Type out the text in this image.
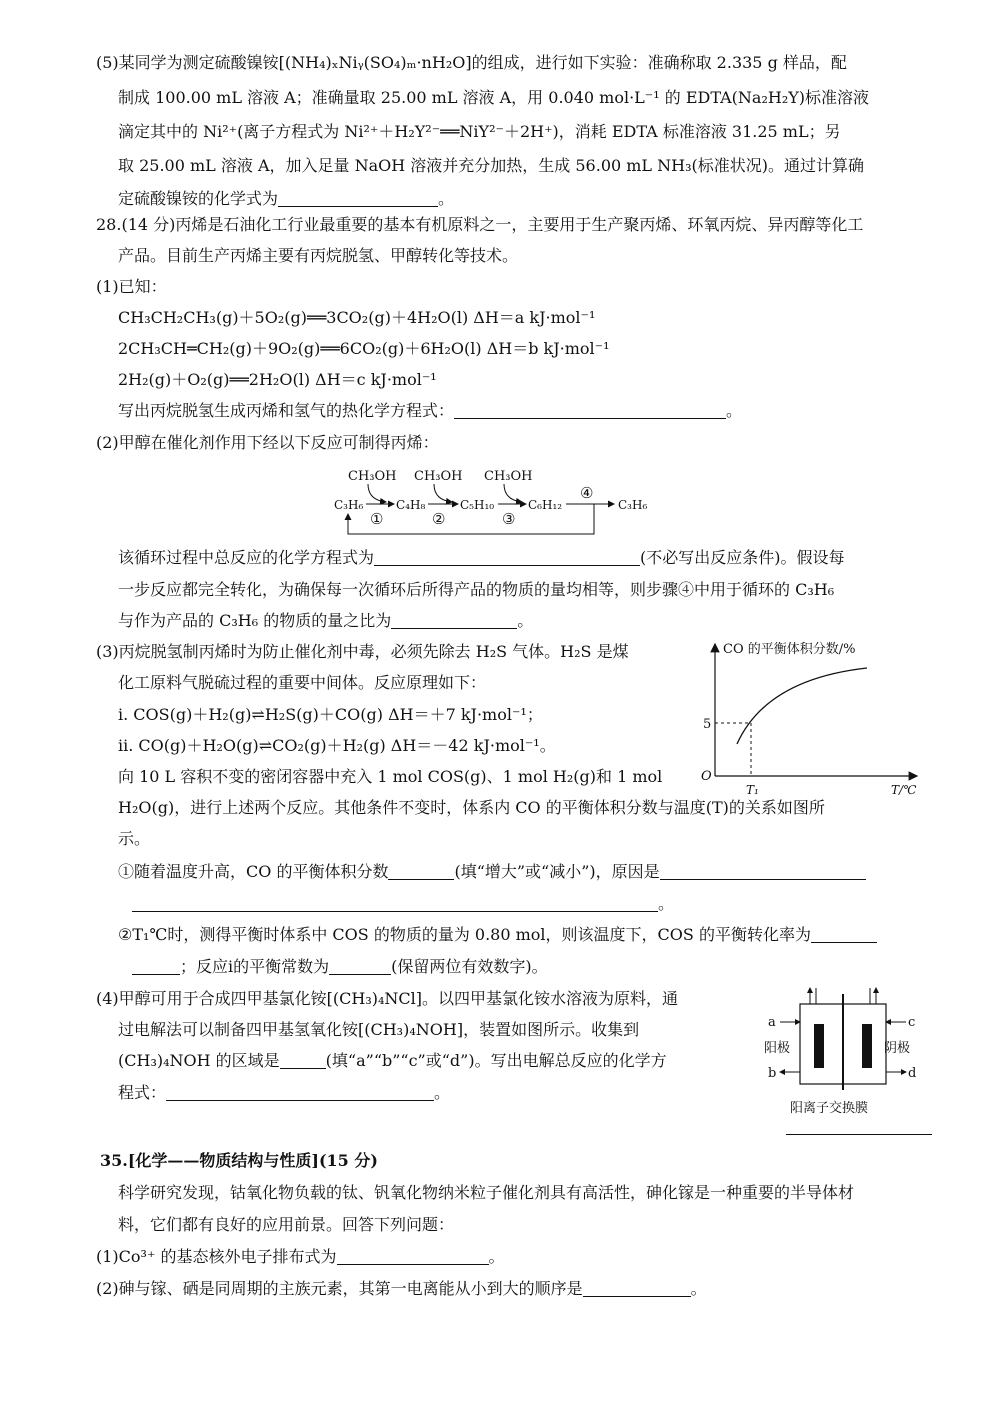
(5)某同学为测定硫酸镍铵[(NH₄)ₓNiᵧ(SO₄)ₘ·nH₂O]的组成，进行如下实验：准确称取 2.335 g 样品，配
制成 100.00 mL 溶液 A；准确量取 25.00 mL 溶液 A，用 0.040 mol·L⁻¹ 的 EDTA(Na₂H₂Y)标准溶液
滴定其中的 Ni²⁺(离子方程式为 Ni²⁺＋H₂Y²⁻══NiY²⁻＋2H⁺)，消耗 EDTA 标准溶液 31.25 mL；另
取 25.00 mL 溶液 A，加入足量 NaOH 溶液并充分加热，生成 56.00 mL NH₃(标准状况)。通过计算确
定硫酸镍铵的化学式为	。
28.(14 分)丙烯是石油化工行业最重要的基本有机原料之一，主要用于生产聚丙烯、环氧丙烷、异丙醇等化工
产品。目前生产丙烯主要有丙烷脱氢、甲醇转化等技术。
(1)已知：
CH₃CH₂CH₃(g)＋5O₂(g)══3CO₂(g)＋4H₂O(l) ΔH＝a kJ·mol⁻¹
2CH₃CH═CH₂(g)＋9O₂(g)══6CO₂(g)＋6H₂O(l) ΔH＝b kJ·mol⁻¹
2H₂(g)＋O₂(g)══2H₂O(l) ΔH＝c kJ·mol⁻¹
写出丙烷脱氢生成丙烯和氢气的热化学方程式：	。
(2)甲醇在催化剂作用下经以下反应可制得丙烯：
CH₃OH CH₃OH CH₃OH
C₃H₆	C₄H₈	C₅H₁₀	C₆H₁₂	C₃H₆
④
①	②	③
该循环过程中总反应的化学方程式为	(不必写出反应条件)。假设每
一步反应都完全转化，为确保每一次循环后所得产品的物质的量均相等，则步骤④中用于循环的 C₃H₆
与作为产品的 C₃H₆ 的物质的量之比为	。
(3)丙烷脱氢制丙烯时为防止催化剂中毒，必须先除去 H₂S 气体。H₂S 是煤
化工原料气脱硫过程的重要中间体。反应原理如下：
ⅰ. COS(g)＋H₂(g)⇌H₂S(g)＋CO(g) ΔH＝＋7 kJ·mol⁻¹；
ⅱ. CO(g)＋H₂O(g)⇌CO₂(g)＋H₂(g) ΔH＝－42 kJ·mol⁻¹。
向 10 L 容积不变的密闭容器中充入 1 mol COS(g)、1 mol H₂(g)和 1 mol
CO 的平衡体积分数/%
5
O
T₁	T/℃
H₂O(g)，进行上述两个反应。其他条件不变时，体系内 CO 的平衡体积分数与温度(T)的关系如图所
示。
①随着温度升高，CO 的平衡体积分数	(填“增大”或“减小”)，原因是
。
②T₁℃时，测得平衡时体系中 COS 的物质的量为 0.80 mol，则该温度下，COS 的平衡转化率为
；反应ⅰ的平衡常数为	(保留两位有效数字)。
(4)甲醇可用于合成四甲基氯化铵[(CH₃)₄NCl]。以四甲基氯化铵水溶液为原料，通
过电解法可以制备四甲基氢氧化铵[(CH₃)₄NOH]，装置如图所示。收集到
(CH₃)₄NOH 的区域是	(填“a”“b”“c”或“d”)。写出电解总反应的化学方
程式：	。
a
b
c
d
阳极	阴极
阳离子交换膜
35.[化学——物质结构与性质](15 分)
科学研究发现，钴氧化物负载的钛、钒氧化物纳米粒子催化剂具有高活性，砷化镓是一种重要的半导体材
料，它们都有良好的应用前景。回答下列问题：
(1)Co³⁺ 的基态核外电子排布式为	。
(2)砷与镓、硒是同周期的主族元素，其第一电离能从小到大的顺序是	。
